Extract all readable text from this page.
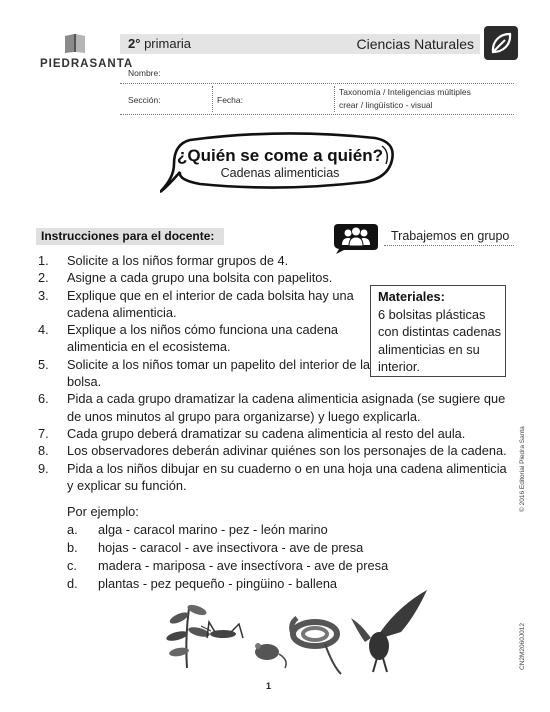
PIEDRASANTA
2° primaria	Ciencias Naturales
Nombre:
Sección:	Fecha:
Taxonomía / Inteligencias múltiples
crear / lingüístico - visual
¿Quién se come a quién?
Cadenas alimenticias
Instrucciones para el docente:	Trabajemos en grupo
1. Solicite a los niños formar grupos de 4.
2. Asigne a cada grupo una bolsita con papelitos.
3. Explique que en el interior de cada bolsita hay una cadena alimenticia.
4. Explique a los niños cómo funciona una cadena alimenticia en el ecosistema.
5. Solicite a los niños tomar un papelito del interior de la bolsa.
6. Pida a cada grupo dramatizar la cadena alimenticia asignada (se sugiere que de unos minutos al grupo para organizarse) y luego explicarla.
7. Cada grupo deberá dramatizar su cadena alimenticia al resto del aula.
8. Los observadores deberán adivinar quiénes son los personajes de la cadena.
9. Pida a los niños dibujar en su cuaderno o en una hoja una cadena alimenticia y explicar su función.
Materiales:
6 bolsitas plásticas con distintas cadenas alimenticias en su interior.
Por ejemplo:
a. alga - caracol marino - pez - león marino
b. hojas - caracol - ave insectivora - ave de presa
c. madera - mariposa - ave insectívora - ave de presa
d. plantas - pez pequeño - pingüino - ballena
© 2016 Editorial Piedra Santa
CN2M2060J012
1
